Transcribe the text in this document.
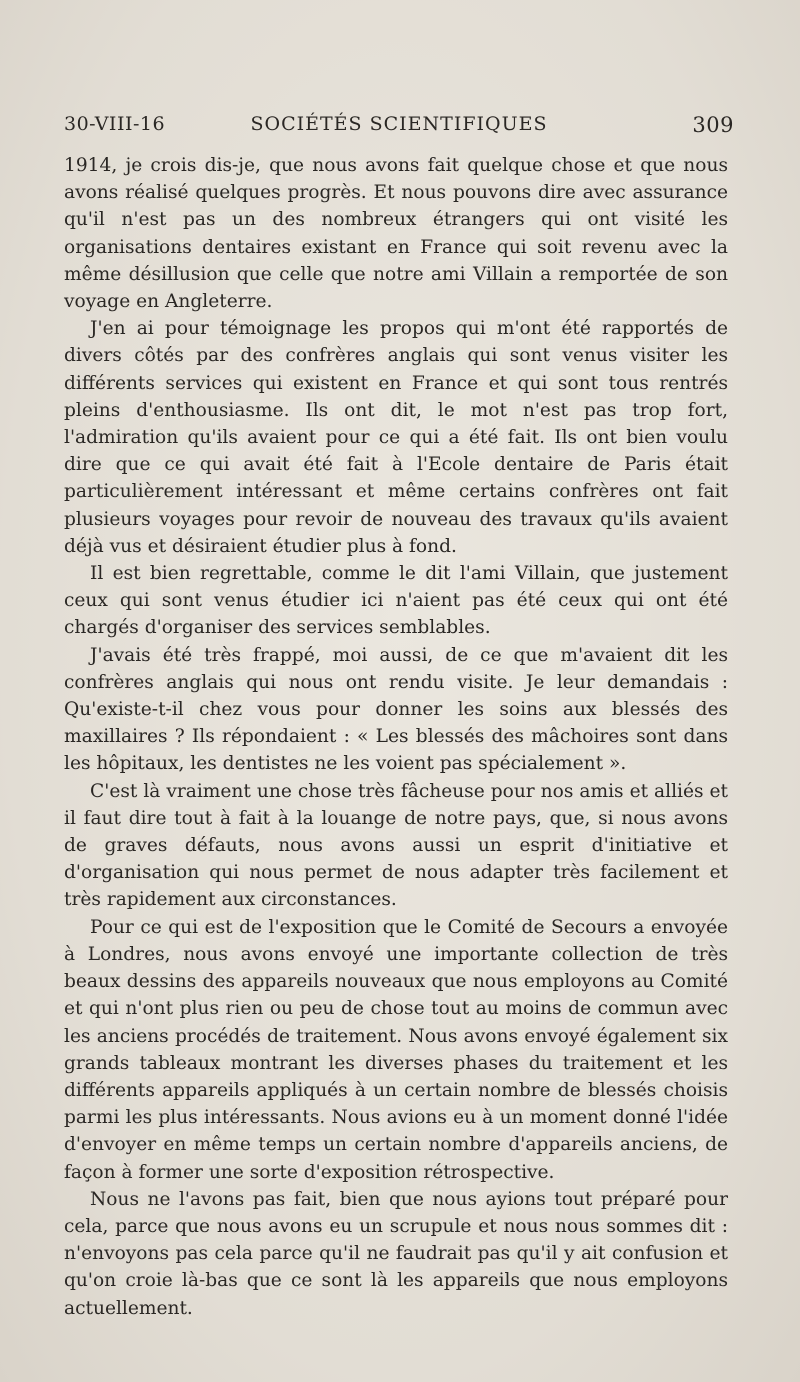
30-VIII-16	SOCIÉTÉS SCIENTIFIQUES	309

1914, je crois dis-je, que nous avons fait quelque chose et que nous avons réalisé quelques progrès. Et nous pouvons dire avec assurance qu'il n'est pas un des nombreux étrangers qui ont visité les organisations dentaires existant en France qui soit revenu avec la même désillusion que celle que notre ami Villain a remportée de son voyage en Angleterre.

J'en ai pour témoignage les propos qui m'ont été rapportés de divers côtés par des confrères anglais qui sont venus visiter les différents services qui existent en France et qui sont tous rentrés pleins d'enthousiasme. Ils ont dit, le mot n'est pas trop fort, l'admiration qu'ils avaient pour ce qui a été fait. Ils ont bien voulu dire que ce qui avait été fait à l'Ecole dentaire de Paris était particulièrement intéressant et même certains confrères ont fait plusieurs voyages pour revoir de nouveau des travaux qu'ils avaient déjà vus et désiraient étudier plus à fond.

Il est bien regrettable, comme le dit l'ami Villain, que justement ceux qui sont venus étudier ici n'aient pas été ceux qui ont été chargés d'organiser des services semblables.

J'avais été très frappé, moi aussi, de ce que m'avaient dit les confrères anglais qui nous ont rendu visite. Je leur demandais : Qu'existe-t-il chez vous pour donner les soins aux blessés des maxillaires ? Ils répondaient : « Les blessés des mâchoires sont dans les hôpitaux, les dentistes ne les voient pas spécialement ».

C'est là vraiment une chose très fâcheuse pour nos amis et alliés et il faut dire tout à fait à la louange de notre pays, que, si nous avons de graves défauts, nous avons aussi un esprit d'initiative et d'organisation qui nous permet de nous adapter très facilement et très rapidement aux circonstances.

Pour ce qui est de l'exposition que le Comité de Secours a envoyée à Londres, nous avons envoyé une importante collection de très beaux dessins des appareils nouveaux que nous employons au Comité et qui n'ont plus rien ou peu de chose tout au moins de commun avec les anciens procédés de traitement. Nous avons envoyé également six grands tableaux montrant les diverses phases du traitement et les différents appareils appliqués à un certain nombre de blessés choisis parmi les plus intéressants. Nous avions eu à un moment donné l'idée d'envoyer en même temps un certain nombre d'appareils anciens, de façon à former une sorte d'exposition rétrospective.

Nous ne l'avons pas fait, bien que nous ayions tout préparé pour cela, parce que nous avons eu un scrupule et nous nous sommes dit : n'envoyons pas cela parce qu'il ne faudrait pas qu'il y ait confusion et qu'on croie là-bas que ce sont là les appareils que nous employons actuellement.
